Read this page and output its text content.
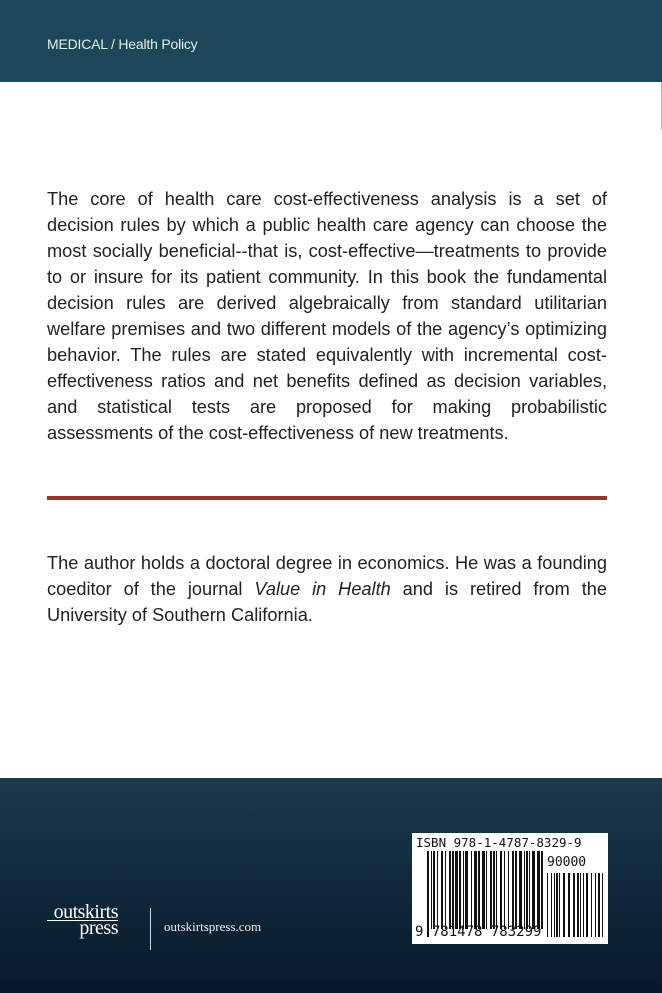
MEDICAL / Health Policy

The core of health care cost-effectiveness analysis is a set of decision rules by which a public health care agency can choose the most socially beneficial--that is, cost-effective—treatments to provide to or insure for its patient community. In this book the fundamental decision rules are derived algebraically from standard utilitarian welfare premises and two different models of the agency’s optimizing behavior. The rules are stated equivalently with incremental cost-effectiveness ratios and net benefits defined as decision variables, and statistical tests are proposed for making probabilistic assessments of the cost-effectiveness of new treatments.

The author holds a doctoral degree in economics. He was a founding coeditor of the journal Value in Health and is retired from the University of Southern California.

outskirts
press	outskirtspress.com
ISBN 978-1-4787-8329-9
90000
9 781478 783299
